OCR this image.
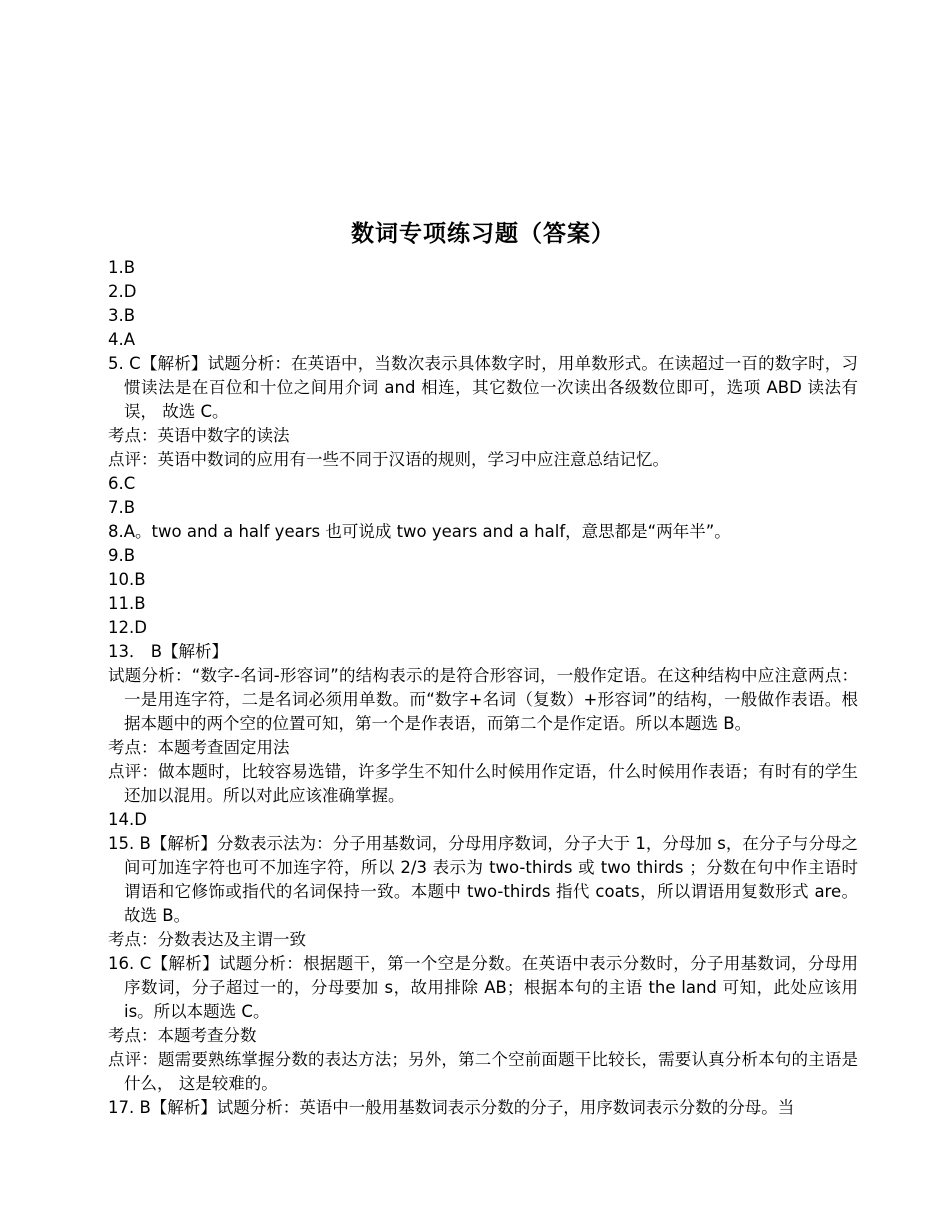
数词专项练习题（答案）

1.B

2.D

3.B

4.A

5. C【解析】试题分析：在英语中，当数次表示具体数字时，用单数形式。在读超过一百的数字时，习惯读法是在百位和十位之间用介词 and 相连，其它数位一次读出各级数位即可，选项 ABD 读法有误， 故选 C。

考点：英语中数字的读法

点评：英语中数词的应用有一些不同于汉语的规则，学习中应注意总结记忆。

6.C

7.B

8.A。two and a half years 也可说成 two years and a half，意思都是“两年半”。

9.B

10.B

11.B

12.D

13． B【解析】

试题分析：“数字-名词-形容词”的结构表示的是符合形容词，一般作定语。在这种结构中应注意两点：一是用连字符，二是名词必须用单数。而“数字+名词（复数）+形容词”的结构，一般做作表语。根据本题中的两个空的位置可知，第一个是作表语，而第二个是作定语。所以本题选 B。

考点：本题考查固定用法

点评：做本题时，比较容易选错，许多学生不知什么时候用作定语，什么时候用作表语；有时有的学生还加以混用。所以对此应该准确掌握。

14.D

15. B【解析】分数表示法为：分子用基数词，分母用序数词，分子大于 1，分母加 s，在分子与分母之间可加连字符也可不加连字符，所以 2/3 表示为 two-thirds 或 two thirds ；分数在句中作主语时谓语和它修饰或指代的名词保持一致。本题中 two-thirds 指代 coats，所以谓语用复数形式 are。故选 B。

考点：分数表达及主谓一致

16. C【解析】试题分析：根据题干，第一个空是分数。在英语中表示分数时，分子用基数词，分母用序数词，分子超过一的，分母要加 s，故用排除 AB；根据本句的主语 the land 可知，此处应该用 is。所以本题选 C。

考点：本题考查分数

点评：题需要熟练掌握分数的表达方法；另外，第二个空前面题干比较长，需要认真分析本句的主语是什么， 这是较难的。

17. B【解析】试题分析：英语中一般用基数词表示分数的分子，用序数词表示分数的分母。当
